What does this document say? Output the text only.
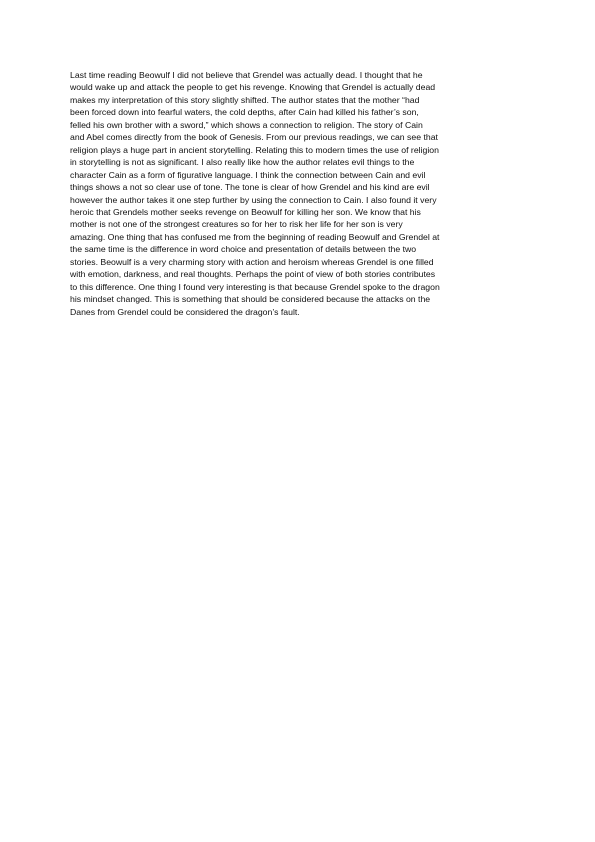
Last time reading Beowulf I did not believe that Grendel was actually dead. I thought that he
would wake up and attack the people to get his revenge. Knowing that Grendel is actually dead
makes my interpretation of this story slightly shifted. The author states that the mother “had
been forced down into fearful waters, the cold depths, after Cain had killed his father’s son,
felled his own brother with a sword,” which shows a connection to religion. The story of Cain
and Abel comes directly from the book of Genesis. From our previous readings, we can see that
religion plays a huge part in ancient storytelling. Relating this to modern times the use of religion
in storytelling is not as significant. I also really like how the author relates evil things to the
character Cain as a form of figurative language. I think the connection between Cain and evil
things shows a not so clear use of tone. The tone is clear of how Grendel and his kind are evil
however the author takes it one step further by using the connection to Cain. I also found it very
heroic that Grendels mother seeks revenge on Beowulf for killing her son. We know that his
mother is not one of the strongest creatures so for her to risk her life for her son is very
amazing. One thing that has confused me from the beginning of reading Beowulf and Grendel at
the same time is the difference in word choice and presentation of details between the two
stories. Beowulf is a very charming story with action and heroism whereas Grendel is one filled
with emotion, darkness, and real thoughts. Perhaps the point of view of both stories contributes
to this difference. One thing I found very interesting is that because Grendel spoke to the dragon
his mindset changed. This is something that should be considered because the attacks on the
Danes from Grendel could be considered the dragon’s fault.
